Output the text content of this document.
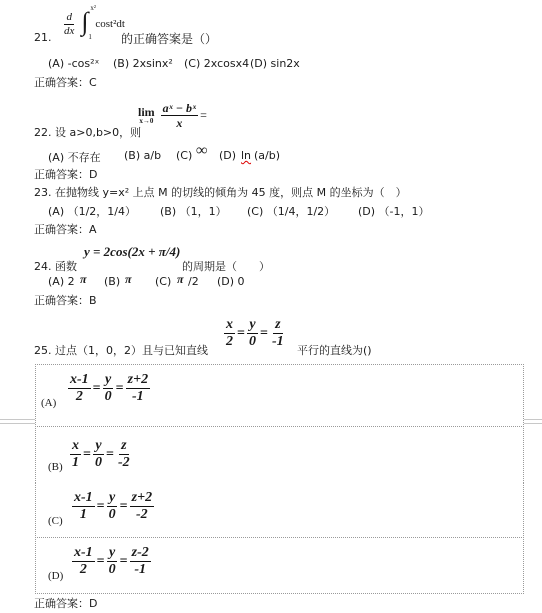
$\frac{d}{dx}$ ∫ x²
1
cost²dt
21.	的正确答案是（）
(A) -cos²ˣ (B) 2xsinx² (C) 2xcosx4 (D) sin2x
正确答案：C
22. 设 a>0,b>0，则
lim
$x\to 0 \frac{\text{aˣ − bˣ}}{x}$ =
(A) 不存在 (B) a/b (C) ∞ (D) ln (a/b)
正确答案：D
23. 在抛物线 y=x² 上点 M 的切线的倾角为 45 度，则点 M 的坐标为（　）
(A) （1/2，1/4） (B) （1，1） (C) （1/4，1/2） (D) （-1，1）
正确答案：A
24. 函数
y = 2cos(2x + π/4)
的周期是（　　）
(A) 2 π (B) π (C) π /2 (D) 0
正确答案：B
25. 过点（1，0，2）且与已知直线
$\frac{x}{2} = \frac{y}{0} = \frac{z}{-1}$
平行的直线为()
$(A) \frac{x-1}{2} = \frac{y}{0} = \frac{z+2}{-1}$
$(B) \frac{x}{1} = \frac{y}{0} = \frac{z}{-2}$
$(C) \frac{x-1}{1} = \frac{y}{0} = \frac{z+2}{-2}$
$(D) \frac{x-1}{2} = \frac{y}{0} = \frac{z-2}{-1}$
正确答案：D
